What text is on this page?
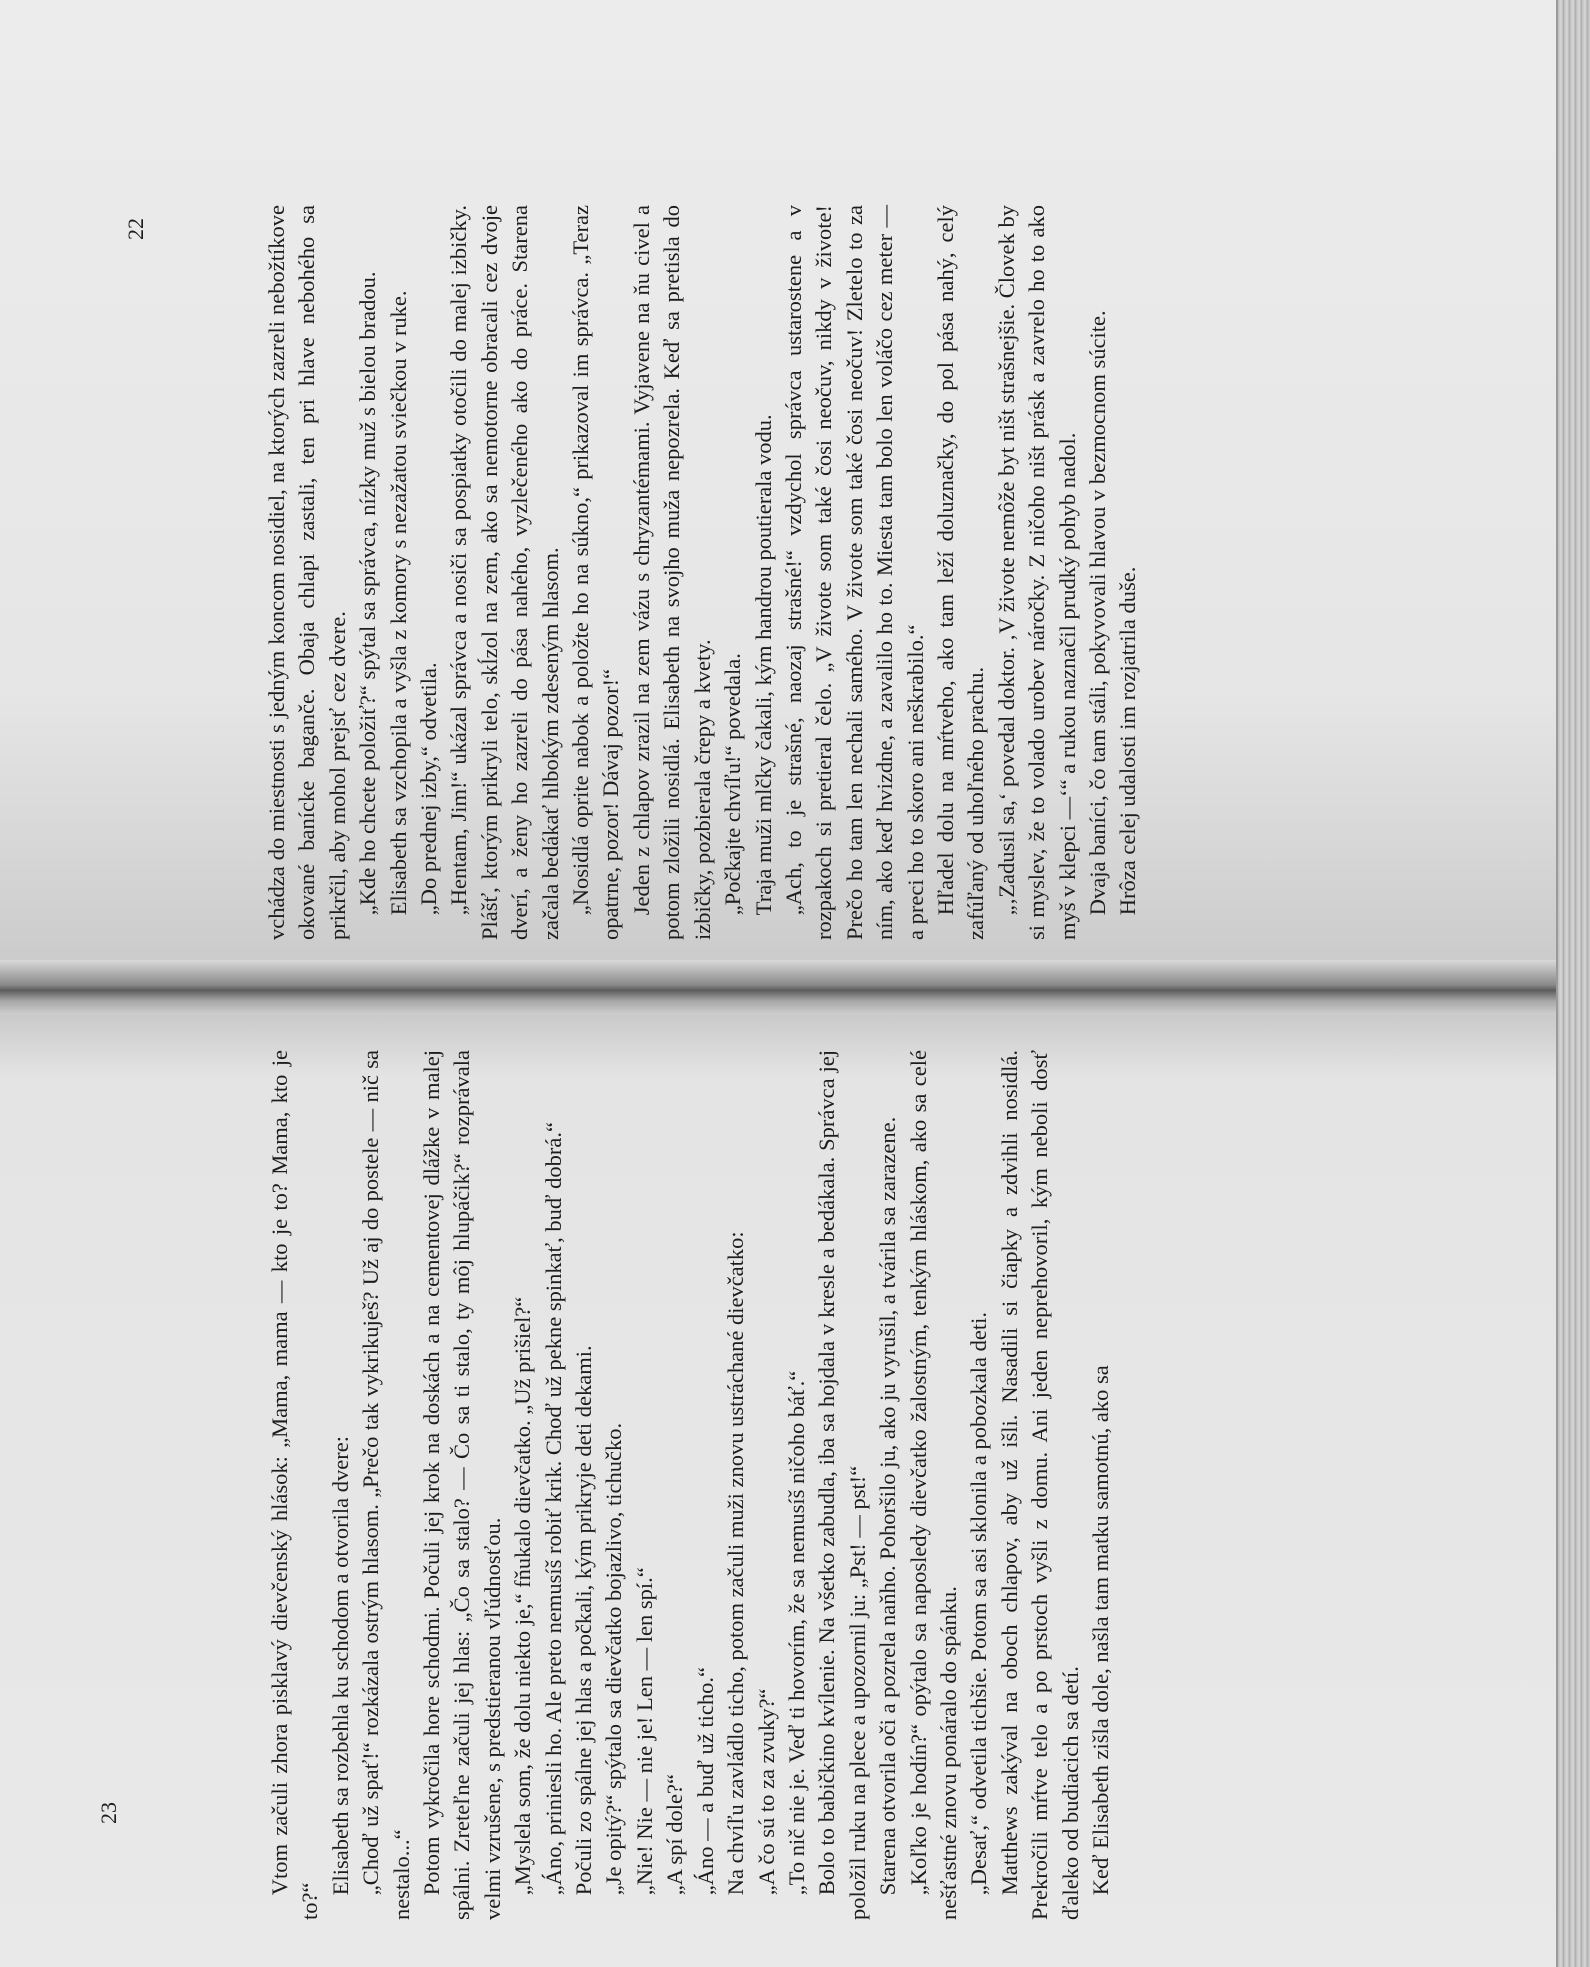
vchádza do miestnosti s jedným koncom nosidiel, na ktorých zazreli nebožtíkove okované banícke bagančе. Obaja chlapi zastali, ten pri hlave nebohého sa prikrčil, aby mohol prejsť cez dvere. „Kde ho chcete položiť?“ spýtal sa správca, nízky muž s bielou bradou. Elisabeth sa vzchopila a vyšla z komory s nezažatou sviečkou v ruke. „Do prednej izby,“ odvetila. „Hentam, Jim!“ ukázal správca a nosiči sa pospiatky otočili do malej izbičky. Plášť, ktorým prikryli telo, skĺzol na zem, ako sa nemotorne obracali cez dvoje dverí, a ženy ho zazreli do pása nahého, vyzlečeného ako do práce. Starena začala bedákať hlbokým zdeseným hlasom. „Nosidlá oprite nabok a položte ho na súkno,“ prikazoval im správca. „Teraz opatrne, pozor! Dávaj pozor!“ Jeden z chlapov zrazil na zem vázu s chryzantémami. Vyjavene na ňu civel a potom zložili nosidlá. Elisabeth na svojho muža nepozrela. Keď sa pretisla do izbičky, pozbierala črepy a kvety. „Počkajte chvíľu!“ povedala. Traja muži mlčky čakali, kým handrou poutierala vodu. „Ach, to je strašné, naozaj strašné!“ vzdychol správca ustarostene a v rozpakoch si pretieral čelo. „V živote som také čosi neočuv, nikdy v živote! Prečo ho tam len nechali samého. V živote som také čosi neočuv! Zletelo to za ním, ako keď hvizdne, a zavalilo ho to. Miesta tam bolo len voláčo cez meter — a preci ho to skoro ani neškrabilo.“ Hľadel dolu na mŕtveho, ako tam leží doluznačky, do pol pása nahý, celý zafúľaný od uhoľného prachu. „‚Zadusil sa,‘ povedal doktor. ‚V živote nemôže byt ništ strašnejšie. Človek by si myslev, že to volado urobev náročky. Z ničoho ništ prásk a zavrelo ho to ako myš v klepci —‘“ a rukou naznačil prudký pohyb nadol. Dvaja baníci, čo tam stáli, pokyvovali hlavou v bezmocnom súcite. Hrôza celej udalosti im rozjatrila duše.

Vtom začuli zhora pisklavý dievčenský hlások: „Mama, mama — kto je to? Mama, kto je to?“

Elisabeth sa rozbehla ku schodom a otvorila dvere: „Choď už spať!“ rozkázala ostrým hlasom. „Prečo tak vykrikuješ? Už aj do postele — nič sa nestalo...“ Potom vykročila hore schodmi. Počuli jej krok na doskách a na cementovej dlážke v malej spálni. Zreteľne začuli jej hlas: „Čo sa stalo? — Čo sa ti stalo, ty môj hlupáčik?“ rozprávala velmi vzrušene, s predstieranou vľúdnosťou. „Myslela som, že dolu niekto je,“ fňukalo dievčatko. „Už prišiel?“ „Áno, priniesli ho. Ale preto nemusíš robiť krik. Choď už pekne spinkať, buď dobrá.“ Počuli zo spálne jej hlas a počkali, kým prikryje deti dekami. „Je opitý?“ spýtalo sa dievčatko bojazlivo, tichučko. „Nie! Nie — nie je! Len — len spí.“ „A spí dole?“ „Áno — a buď už ticho.“ Na chvíľu zavládlo ticho, potom začuli mužі znovu ustráchané dievčatko: „A čo sú to za zvuky?“ „To nič nie je. Veď ti hovorím, že sa nemusíš ničoho báť.“ Bolo to babičkino kvílenie. Na všetko zabudla, iba sa hojdala v kresle a bedákala. Správca jej položil ruku na plece a upozornil ju: „Pst! — pst!“ Starena otvorila oči a pozrela naňho. Pohoršilo ju, ako ju vyrušil, a tvárila sa zarazene. „Koľko je hodín?“ opýtalo sa naposledy dievčatko žalostným, tenkým hláskom, ako sa celé nešťastné znovu ponáralo do spánku. „Desať,“ odvetila tichšie. Potom sa asi sklonila a pobozkala deti. Matthews zakýval na oboch chlapov, aby už išli. Nasadili si čiapky a zdvihli nosidlá. Prekročili mŕtve telo a po prstoch vyšli z domu. Ani jeden neprehovoril, kým neboli dosť ďaleko od budiacich sa detí. Keď Elisabeth zišla dole, našla tam matku samotnú, ako sa

22
23
